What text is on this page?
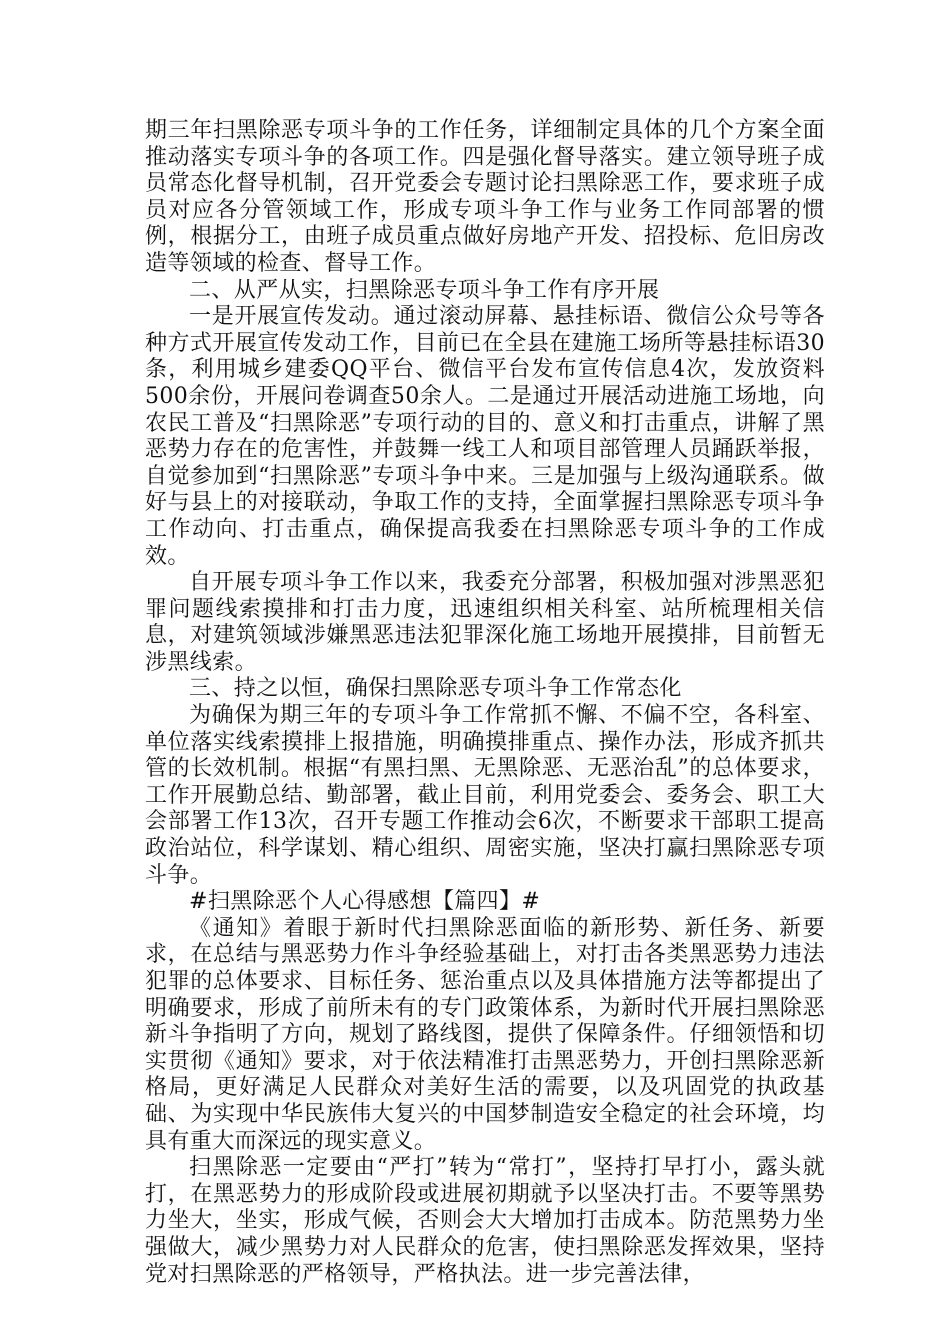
期三年扫黑除恶专项斗争的工作任务，详细制定具体的几个方案全面推动落实专项斗争的各项工作。四是强化督导落实。建立领导班子成员常态化督导机制，召开党委会专题讨论扫黑除恶工作，要求班子成员对应各分管领域工作，形成专项斗争工作与业务工作同部署的惯例，根据分工，由班子成员重点做好房地产开发、招投标、危旧房改造等领域的检查、督导工作。

二、从严从实，扫黑除恶专项斗争工作有序开展

一是开展宣传发动。通过滚动屏幕、悬挂标语、微信公众号等各种方式开展宣传发动工作，目前已在全县在建施工场所等悬挂标语30条，利用城乡建委QQ平台、微信平台发布宣传信息4次，发放资料500余份，开展问卷调查50余人。二是通过开展活动进施工场地，向农民工普及“扫黑除恶”专项行动的目的、意义和打击重点，讲解了黑恶势力存在的危害性，并鼓舞一线工人和项目部管理人员踊跃举报，自觉参加到“扫黑除恶”专项斗争中来。三是加强与上级沟通联系。做好与县上的对接联动，争取工作的支持，全面掌握扫黑除恶专项斗争工作动向、打击重点，确保提高我委在扫黑除恶专项斗争的工作成效。

自开展专项斗争工作以来，我委充分部署，积极加强对涉黑恶犯罪问题线索摸排和打击力度，迅速组织相关科室、站所梳理相关信息，对建筑领域涉嫌黑恶违法犯罪深化施工场地开展摸排，目前暂无涉黑线索。

三、持之以恒，确保扫黑除恶专项斗争工作常态化

为确保为期三年的专项斗争工作常抓不懈、不偏不空，各科室、单位落实线索摸排上报措施，明确摸排重点、操作办法，形成齐抓共管的长效机制。根据“有黑扫黑、无黑除恶、无恶治乱”的总体要求，工作开展勤总结、勤部署，截止目前，利用党委会、委务会、职工大会部署工作13次，召开专题工作推动会6次，不断要求干部职工提高政治站位，科学谋划、精心组织、周密实施，坚决打赢扫黑除恶专项斗争。

#扫黑除恶个人心得感想【篇四】#

《通知》着眼于新时代扫黑除恶面临的新形势、新任务、新要求，在总结与黑恶势力作斗争经验基础上，对打击各类黑恶势力违法犯罪的总体要求、目标任务、惩治重点以及具体措施方法等都提出了明确要求，形成了前所未有的专门政策体系，为新时代开展扫黑除恶新斗争指明了方向，规划了路线图，提供了保障条件。仔细领悟和切实贯彻《通知》要求，对于依法精准打击黑恶势力，开创扫黑除恶新格局，更好满足人民群众对美好生活的需要，以及巩固党的执政基础、为实现中华民族伟大复兴的中国梦制造安全稳定的社会环境，均具有重大而深远的现实意义。

扫黑除恶一定要由“严打”转为“常打”，坚持打早打小，露头就打，在黑恶势力的形成阶段或进展初期就予以坚决打击。不要等黑势力坐大，坐实，形成气候，否则会大大增加打击成本。防范黑势力坐强做大，减少黑势力对人民群众的危害，使扫黑除恶发挥效果，坚持党对扫黑除恶的严格领导，严格执法。进一步完善法律，
